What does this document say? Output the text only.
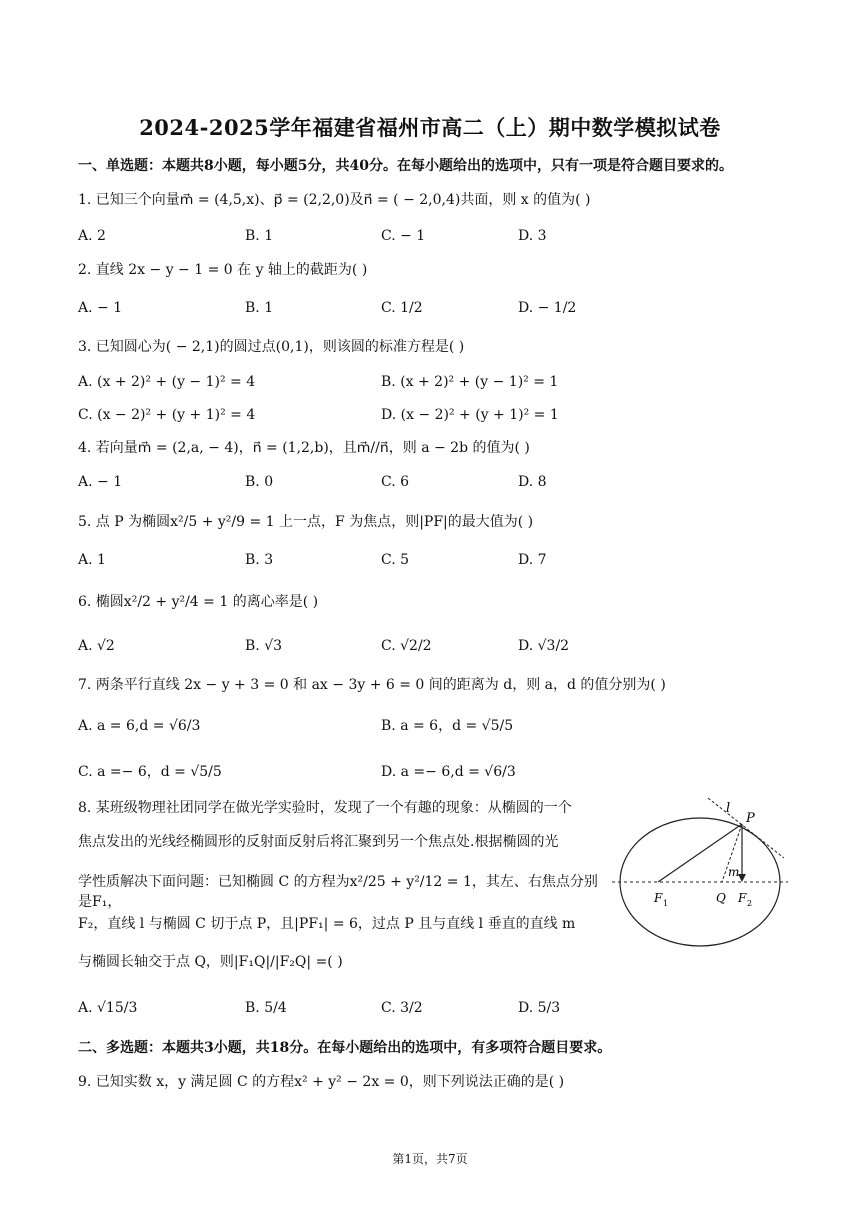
2024-2025学年福建省福州市高二（上）期中数学模拟试卷
一、单选题：本题共8小题，每小题5分，共40分。在每小题给出的选项中，只有一项是符合题目要求的。
1. 已知三个向量m⃗ = (4,5,x)、p⃗ = (2,2,0)及n⃗ = ( − 2,0,4)共面，则 x 的值为( )
A. 2	B. 1	C. − 1	D. 3
2. 直线 2x − y − 1 = 0 在 y 轴上的截距为( )
A. − 1	B. 1	C. 1/2	D. − 1/2
3. 已知圆心为( − 2,1)的圆过点(0,1)，则该圆的标准方程是( )
A. (x + 2)² + (y − 1)² = 4	B. (x + 2)² + (y − 1)² = 1
C. (x − 2)² + (y + 1)² = 4	D. (x − 2)² + (y + 1)² = 1
4. 若向量m⃗ = (2,a, − 4)，n⃗ = (1,2,b)，且m⃗//n⃗，则 a − 2b 的值为( )
A. − 1	B. 0	C. 6	D. 8
5. 点 P 为椭圆x²/5 + y²/9 = 1 上一点，F 为焦点，则|PF|的最大值为( )
A. 1	B. 3	C. 5	D. 7
6. 椭圆x²/2 + y²/4 = 1 的离心率是( )
A. √2	B. √3	C. √2/2	D. √3/2
7. 两条平行直线 2x − y + 3 = 0 和 ax − 3y + 6 = 0 间的距离为 d，则 a，d 的值分别为( )
A. a = 6,d = √6/3	B. a = 6，d = √5/5
C. a =− 6，d = √5/5	D. a =− 6,d = √6/3
8. 某班级物理社团同学在做光学实验时，发现了一个有趣的现象：从椭圆的一个
焦点发出的光线经椭圆形的反射面反射后将汇聚到另一个焦点处.根据椭圆的光
学性质解决下面问题：已知椭圆 C 的方程为x²/25 + y²/12 = 1，其左、右焦点分别是F₁，
F₂，直线 l 与椭圆 C 切于点 P，且|PF₁| = 6，过点 P 且与直线 l 垂直的直线 m
与椭圆长轴交于点 Q，则|F₁Q|/|F₂Q| =( )
l
P
m
F 1	Q F 2
A. √15/3	B. 5/4	C. 3/2	D. 5/3
二、多选题：本题共3小题，共18分。在每小题给出的选项中，有多项符合题目要求。
9. 已知实数 x，y 满足圆 C 的方程x² + y² − 2x = 0，则下列说法正确的是( )
第1页，共7页
